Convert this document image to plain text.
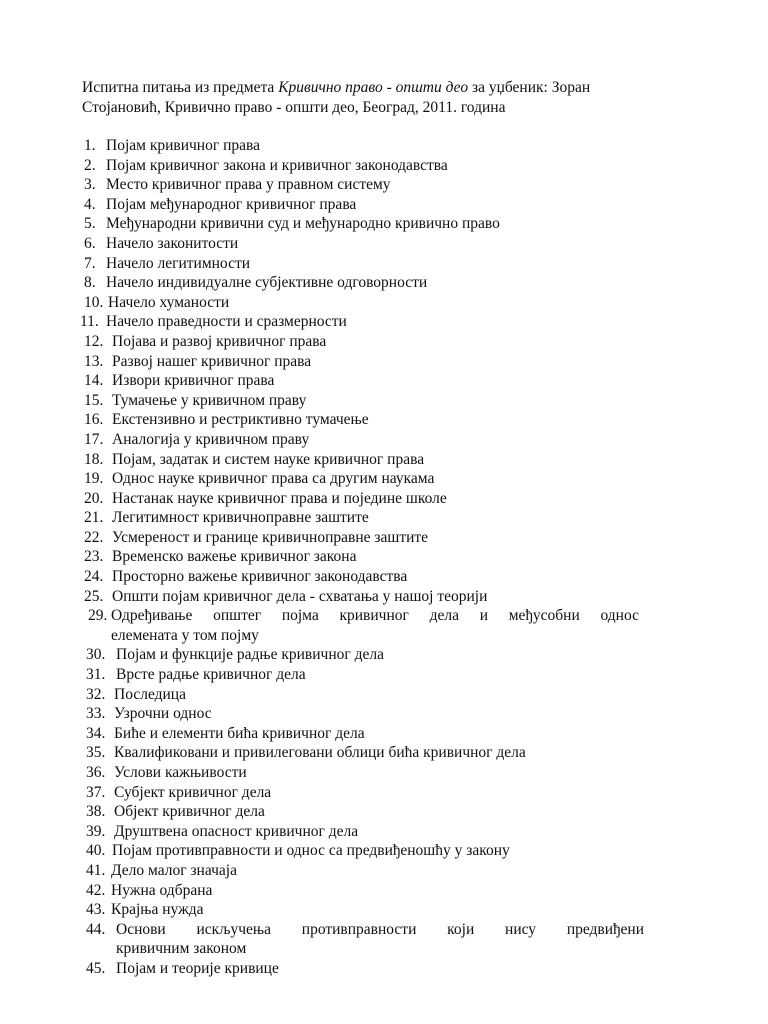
Испитна питања из предмета Кривично право - општи део за уџбеник: Зоран
Стојановић, Кривично право - општи део, Београд, 2011. година
1. Појам кривичног права
2. Појам кривичног закона и кривичног законодавства
3. Место кривичног права у правном систему
4. Појам међународног кривичног права
5. Међународни кривични суд и међународно кривично право
6. Начело законитости
7. Начело легитимности
8. Начело индивидуалне субјективне одговорности
10. Начело хуманости
11. Начело праведности и сразмерности
12. Појава и развој кривичног права
13. Развој нашег кривичног права
14. Извори кривичног права
15. Тумачење у кривичном праву
16. Екстензивно и рестриктивно тумачење
17. Аналогија у кривичном праву
18. Појам, задатак и систем науке кривичног права
19. Однос науке кривичног права са другим наукама
20. Настанак науке кривичног права и поједине школе
21. Легитимност кривичноправне заштите
22. Усмереност и границе кривичноправне заштите
23. Временско важење кривичног закона
24. Просторно важење кривичног законодавства
25. Општи појам кривичног дела - схватања у нашој теорији
29. Одређивање општег појма кривичног дела и међусобни однос
елемената у том појму
30. Појам и функције радње кривичног дела
31. Врсте радње кривичног дела
32. Последица
33. Узрочни однос
34. Биће и елементи бића кривичног дела
35. Квалификовани и привилеговани облици бића кривичног дела
36. Услови кажњивости
37. Субјект кривичног дела
38. Објект кривичног дела
39. Друштвена опасност кривичног дела
40. Појам противправности и однос са предвиђеношћу у закону
41. Дело малог значаја
42. Нужна одбрана
43. Крајња нужда
44. Основи искључења противправности који нису предвиђени
кривичним законом
45. Појам и теорије кривице
